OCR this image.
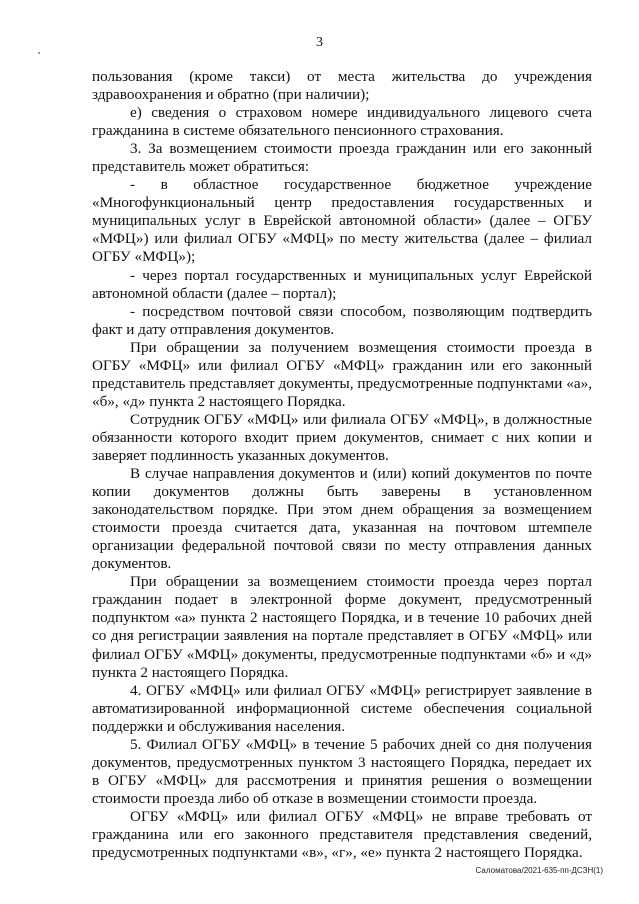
3

пользования (кроме такси) от места жительства до учреждения здравоохранения и обратно (при наличии);

е) сведения о страховом номере индивидуального лицевого счета гражданина в системе обязательного пенсионного страхования.

3. За возмещением стоимости проезда гражданин или его законный представитель может обратиться:

- в областное государственное бюджетное учреждение «Многофункциональный центр предоставления государственных и муниципальных услуг в Еврейской автономной области» (далее – ОГБУ «МФЦ») или филиал ОГБУ «МФЦ» по месту жительства (далее – филиал ОГБУ «МФЦ»);

- через портал государственных и муниципальных услуг Еврейской автономной области (далее – портал);

- посредством почтовой связи способом, позволяющим подтвердить факт и дату отправления документов.

При обращении за получением возмещения стоимости проезда в ОГБУ «МФЦ» или филиал ОГБУ «МФЦ» гражданин или его законный представитель представляет документы, предусмотренные подпунктами «а», «б», «д» пункта 2 настоящего Порядка.

Сотрудник ОГБУ «МФЦ» или филиала ОГБУ «МФЦ», в должностные обязанности которого входит прием документов, снимает с них копии и заверяет подлинность указанных документов.

В случае направления документов и (или) копий документов по почте копии документов должны быть заверены в установленном законодательством порядке. При этом днем обращения за возмещением стоимости проезда считается дата, указанная на почтовом штемпеле организации федеральной почтовой связи по месту отправления данных документов.

При обращении за возмещением стоимости проезда через портал гражданин подает в электронной форме документ, предусмотренный подпунктом «а» пункта 2 настоящего Порядка, и в течение 10 рабочих дней со дня регистрации заявления на портале представляет в ОГБУ «МФЦ» или филиал ОГБУ «МФЦ» документы, предусмотренные подпунктами «б» и «д» пункта 2 настоящего Порядка.

4. ОГБУ «МФЦ» или филиал ОГБУ «МФЦ» регистрирует заявление в автоматизированной информационной системе обеспечения социальной поддержки и обслуживания населения.

5. Филиал ОГБУ «МФЦ» в течение 5 рабочих дней со дня получения документов, предусмотренных пунктом 3 настоящего Порядка, передает их в ОГБУ «МФЦ» для рассмотрения и принятия решения о возмещении стоимости проезда либо об отказе в возмещении стоимости проезда.

ОГБУ «МФЦ» или филиал ОГБУ «МФЦ» не вправе требовать от гражданина или его законного представителя представления сведений, предусмотренных подпунктами «в», «г», «е» пункта 2 настоящего Порядка.

Саломатова/2021-635-пп-ДСЗН(1)
